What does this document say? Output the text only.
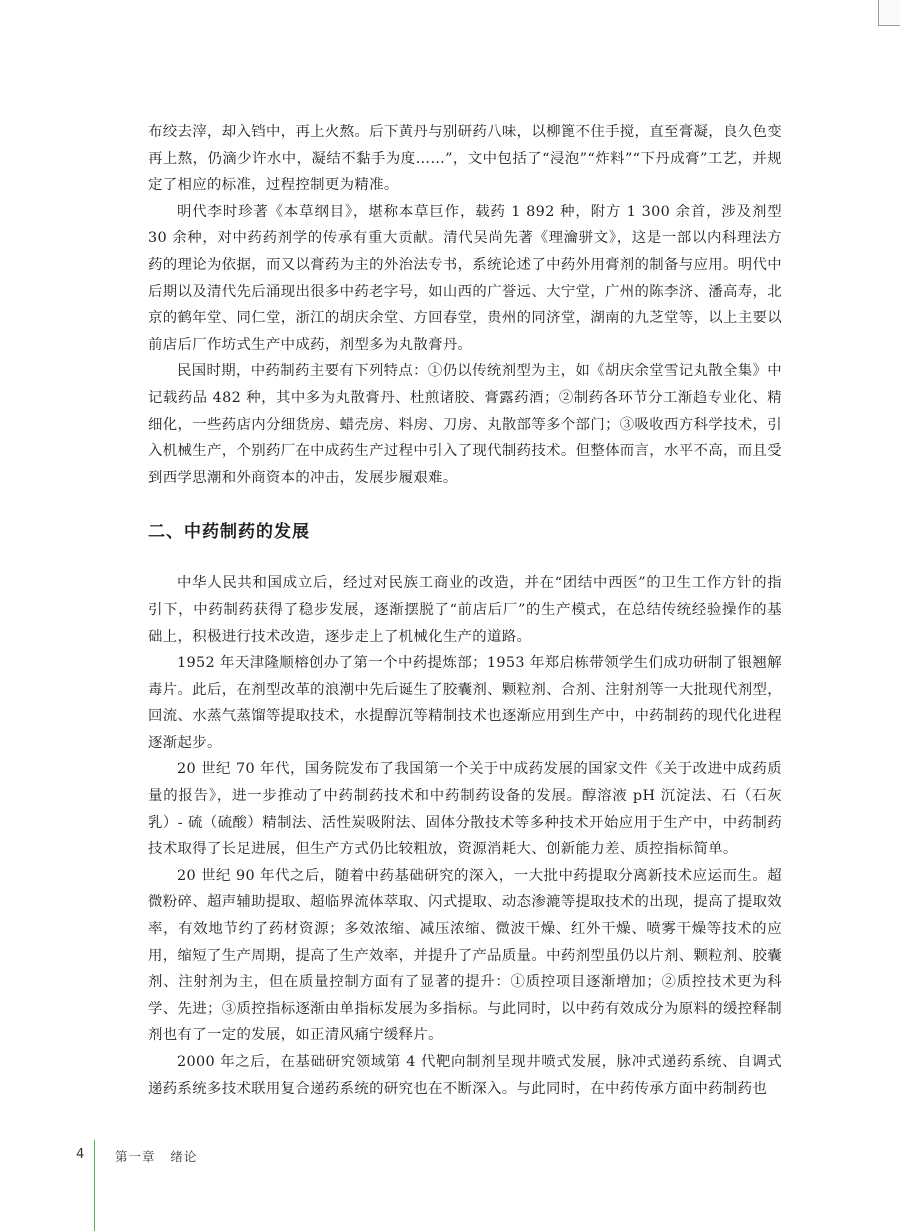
布绞去滓，却入铛中，再上火熬。后下黄丹与别研药八味，以柳篦不住手搅，直至膏凝，良久色变再上熬，仍滴少许水中，凝结不黏手为度……”，文中包括了“浸泡”“炸料”“下丹成膏”工艺，并规定了相应的标准，过程控制更为精准。

明代李时珍著《本草纲目》，堪称本草巨作，载药 1 892 种，附方 1 300 余首，涉及剂型 30 余种，对中药药剂学的传承有重大贡献。清代吴尚先著《理瀹骈文》，这是一部以内科理法方药的理论为依据，而又以膏药为主的外治法专书，系统论述了中药外用膏剂的制备与应用。明代中后期以及清代先后涌现出很多中药老字号，如山西的广誉远、大宁堂，广州的陈李济、潘高寿，北京的鹤年堂、同仁堂，浙江的胡庆余堂、方回春堂，贵州的同济堂，湖南的九芝堂等，以上主要以前店后厂作坊式生产中成药，剂型多为丸散膏丹。

民国时期，中药制药主要有下列特点：①仍以传统剂型为主，如《胡庆余堂雪记丸散全集》中记载药品 482 种，其中多为丸散膏丹、杜煎诸胶、膏露药酒；②制药各环节分工渐趋专业化、精细化，一些药店内分细货房、蜡壳房、料房、刀房、丸散部等多个部门；③吸收西方科学技术，引入机械生产，个别药厂在中成药生产过程中引入了现代制药技术。但整体而言，水平不高，而且受到西学思潮和外商资本的冲击，发展步履艰难。

二、中药制药的发展

中华人民共和国成立后，经过对民族工商业的改造，并在“团结中西医”的卫生工作方针的指引下，中药制药获得了稳步发展，逐渐摆脱了“前店后厂”的生产模式，在总结传统经验操作的基础上，积极进行技术改造，逐步走上了机械化生产的道路。

1952 年天津隆顺榕创办了第一个中药提炼部；1953 年郑启栋带领学生们成功研制了银翘解毒片。此后，在剂型改革的浪潮中先后诞生了胶囊剂、颗粒剂、合剂、注射剂等一大批现代剂型，回流、水蒸气蒸馏等提取技术，水提醇沉等精制技术也逐渐应用到生产中，中药制药的现代化进程逐渐起步。

20 世纪 70 年代，国务院发布了我国第一个关于中成药发展的国家文件《关于改进中成药质量的报告》，进一步推动了中药制药技术和中药制药设备的发展。醇溶液 pH 沉淀法、石（石灰乳）- 硫（硫酸）精制法、活性炭吸附法、固体分散技术等多种技术开始应用于生产中，中药制药技术取得了长足进展，但生产方式仍比较粗放，资源消耗大、创新能力差、质控指标简单。

20 世纪 90 年代之后，随着中药基础研究的深入，一大批中药提取分离新技术应运而生。超微粉碎、超声辅助提取、超临界流体萃取、闪式提取、动态渗漉等提取技术的出现，提高了提取效率，有效地节约了药材资源；多效浓缩、减压浓缩、微波干燥、红外干燥、喷雾干燥等技术的应用，缩短了生产周期，提高了生产效率，并提升了产品质量。中药剂型虽仍以片剂、颗粒剂、胶囊剂、注射剂为主，但在质量控制方面有了显著的提升：①质控项目逐渐增加；②质控技术更为科学、先进；③质控指标逐渐由单指标发展为多指标。与此同时，以中药有效成分为原料的缓控释制剂也有了一定的发展，如正清风痛宁缓释片。

2000 年之后，在基础研究领域第 4 代靶向制剂呈现井喷式发展，脉冲式递药系统、自调式递药系统多技术联用复合递药系统的研究也在不断深入。与此同时，在中药传承方面中药制药也

4 第一章   绪论
